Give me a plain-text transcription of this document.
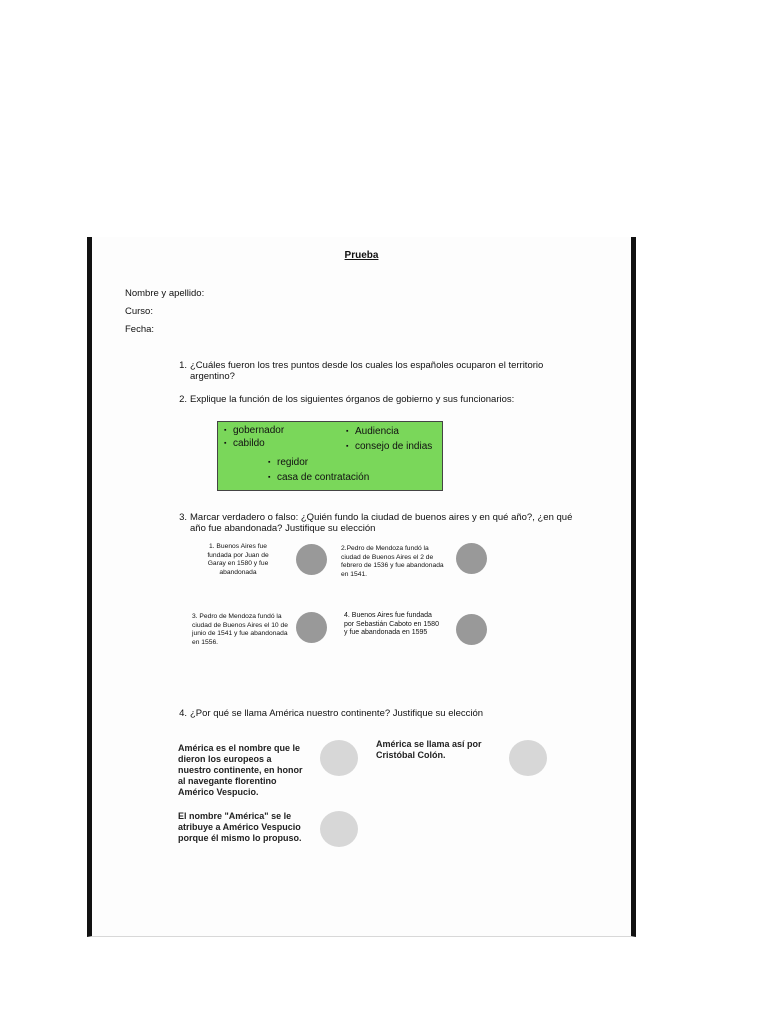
Prueba
Nombre y apellido:
Curso:
Fecha:
1. ¿Cuáles fueron los tres puntos desde los cuales los españoles ocuparon el territorio
argentino?
2. Explique la función de los siguientes órganos de gobierno y sus funcionarios:
▪ gobernador
▪ cabildo
▪ Audiencia
▪ consejo de indias
▪ regidor
▪ casa de contratación
3. Marcar verdadero o falso: ¿Quién fundo la ciudad de buenos aires y en qué año?, ¿en qué
año fue abandonada? Justifique su elección
1. Buenos Aires fue
fundada por Juan de
Garay en 1580 y fue
abandonada
2.Pedro de Mendoza fundó la
ciudad de Buenos Aires el 2 de
febrero de 1536 y fue abandonada
en 1541.
3. Pedro de Mendoza fundó la
ciudad de Buenos Aires el 10 de
junio de 1541 y fue abandonada
en 1556.
4. Buenos Aires fue fundada
por Sebastián Caboto en 1580
y fue abandonada en 1595
4. ¿Por qué se llama América nuestro continente? Justifique su elección
América es el nombre que le
dieron los europeos a
nuestro continente, en honor
al navegante florentino
Américo Vespucio.
América se llama así por
Cristóbal Colón.
El nombre "América" se le
atribuye a Américo Vespucio
porque él mismo lo propuso.
